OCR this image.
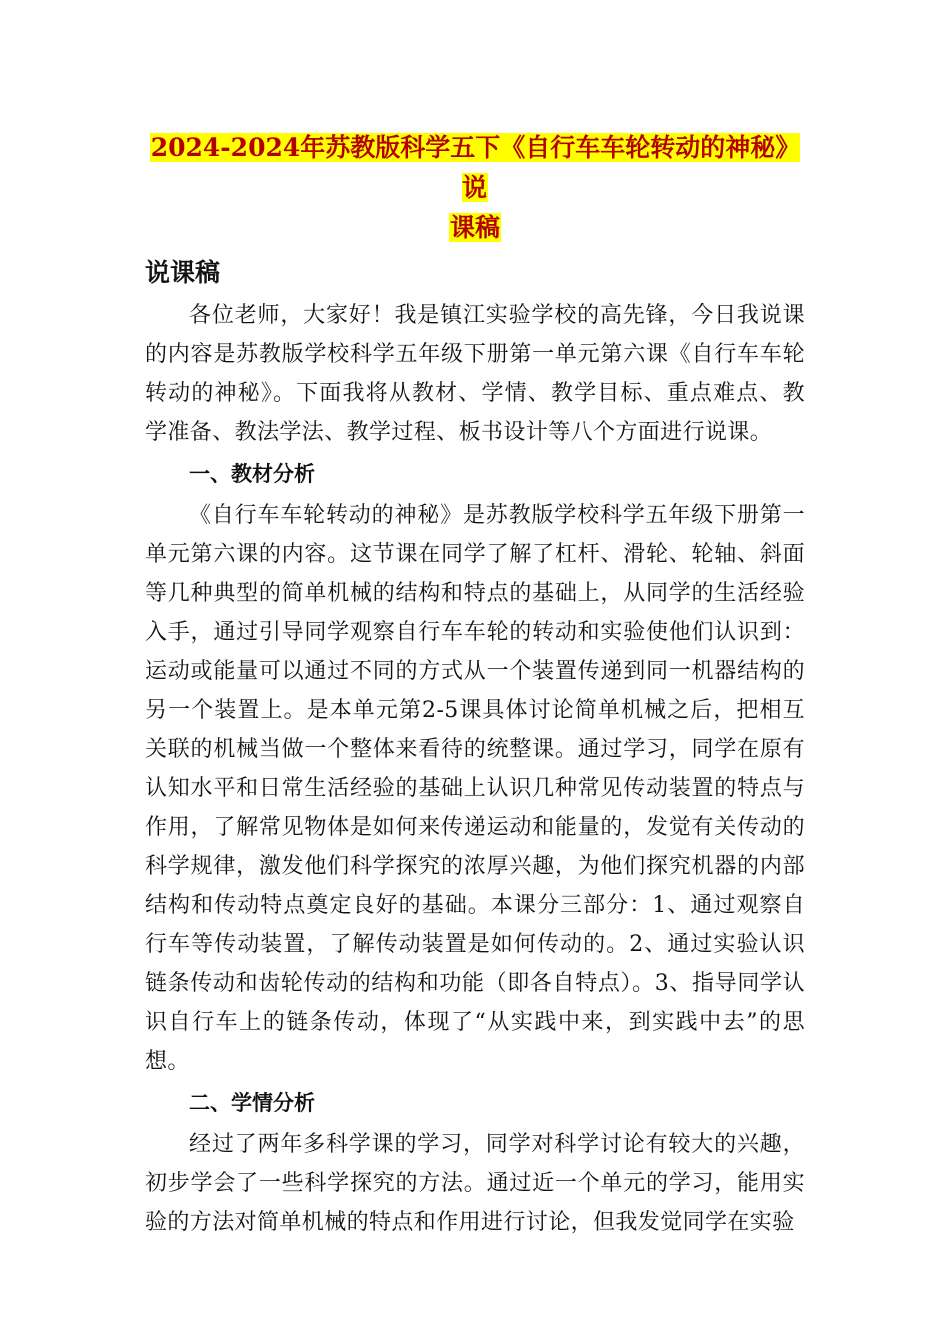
2024-2024年苏教版科学五下《自行车车轮转动的神秘》说
课稿
说课稿

各位老师，大家好！我是镇江实验学校的高先锋，今日我说课的内容是苏教版学校科学五年级下册第一单元第六课《自行车车轮转动的神秘》。下面我将从教材、学情、教学目标、重点难点、教学准备、教法学法、教学过程、板书设计等八个方面进行说课。

一、教材分析

《自行车车轮转动的神秘》是苏教版学校科学五年级下册第一单元第六课的内容。这节课在同学了解了杠杆、滑轮、轮轴、斜面等几种典型的简单机械的结构和特点的基础上，从同学的生活经验入手，通过引导同学观察自行车车轮的转动和实验使他们认识到：运动或能量可以通过不同的方式从一个装置传递到同一机器结构的另一个装置上。是本单元第2-5课具体讨论简单机械之后，把相互关联的机械当做一个整体来看待的统整课。通过学习，同学在原有认知水平和日常生活经验的基础上认识几种常见传动装置的特点与作用，了解常见物体是如何来传递运动和能量的，发觉有关传动的科学规律，激发他们科学探究的浓厚兴趣，为他们探究机器的内部结构和传动特点奠定良好的基础。本课分三部分：1、通过观察自行车等传动装置，了解传动装置是如何传动的。2、通过实验认识链条传动和齿轮传动的结构和功能（即各自特点）。3、指导同学认识自行车上的链条传动，体现了“从实践中来，到实践中去”的思想。

二、学情分析

经过了两年多科学课的学习，同学对科学讨论有较大的兴趣，初步学会了一些科学探究的方法。通过近一个单元的学习，能用实验的方法对简单机械的特点和作用进行讨论，但我发觉同学在实验
